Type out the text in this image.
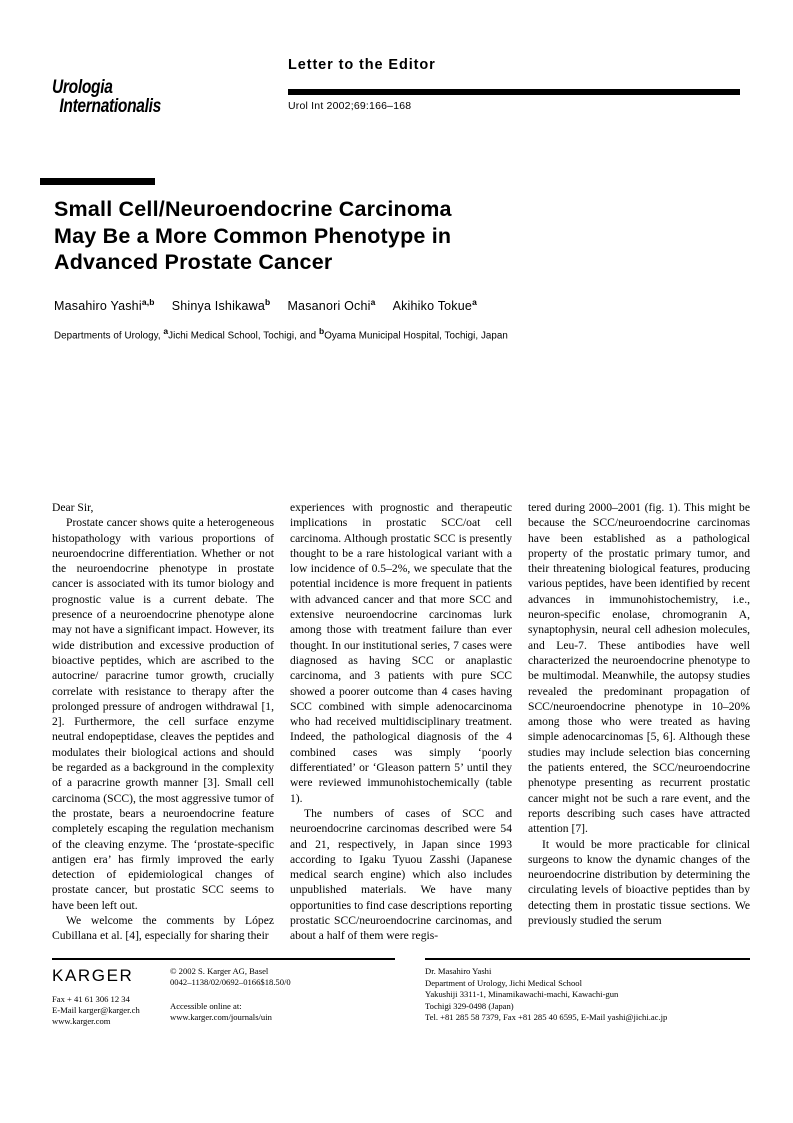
Urologia
Internationalis
Letter to the Editor
Urol Int 2002;69:166–168
Small Cell/Neuroendocrine Carcinoma
May Be a More Common Phenotype in
Advanced Prostate Cancer
Masahiro Yashi$^{a,b}$ Shinya Ishikawa$^b$ Masanori Ochi$^a$ Akihiko Tokue$^a$
Departments of Urology, $^a$Jichi Medical School, Tochigi, and $^b$Oyama Municipal Hospital, Tochigi, Japan

Dear Sir,

Prostate cancer shows quite a heterogeneous histopathology with various proportions of neuroendocrine differentiation. Whether or not the neuroendocrine phenotype in prostate cancer is associated with its tumor biology and prognostic value is a current debate. The presence of a neuroendocrine phenotype alone may not have a significant impact. However, its wide distribution and excessive production of bioactive peptides, which are ascribed to the autocrine/ paracrine tumor growth, crucially correlate with resistance to therapy after the prolonged pressure of androgen withdrawal [1, 2]. Furthermore, the cell surface enzyme neutral endopeptidase, cleaves the peptides and modulates their biological actions and should be regarded as a background in the complexity of a paracrine growth manner [3]. Small cell carcinoma (SCC), the most aggressive tumor of the prostate, bears a neuroendocrine feature completely escaping the regulation mechanism of the cleaving enzyme. The ‘prostate-specific antigen era’ has firmly improved the early detection of epidemiological changes of prostate cancer, but prostatic SCC seems to have been left out.

We welcome the comments by López Cubillana et al. [4], especially for sharing their

experiences with prognostic and therapeutic implications in prostatic SCC/oat cell carcinoma. Although prostatic SCC is presently thought to be a rare histological variant with a low incidence of 0.5–2%, we speculate that the potential incidence is more frequent in patients with advanced cancer and that more SCC and extensive neuroendocrine carcinomas lurk among those with treatment failure than ever thought. In our institutional series, 7 cases were diagnosed as having SCC or anaplastic carcinoma, and 3 patients with pure SCC showed a poorer outcome than 4 cases having SCC combined with simple adenocarcinoma who had received multidisciplinary treatment. Indeed, the pathological diagnosis of the 4 combined cases was simply ‘poorly differentiated’ or ‘Gleason pattern 5’ until they were reviewed immunohistochemically (table 1).

The numbers of cases of SCC and neuroendocrine carcinomas described were 54 and 21, respectively, in Japan since 1993 according to Igaku Tyuou Zasshi (Japanese medical search engine) which also includes unpublished materials. We have many opportunities to find case descriptions reporting prostatic SCC/neuroendocrine carcinomas, and about a half of them were regis-

tered during 2000–2001 (fig. 1). This might be because the SCC/neuroendocrine carcinomas have been established as a pathological property of the prostatic primary tumor, and their threatening biological features, producing various peptides, have been identified by recent advances in immunohistochemistry, i.e., neuron-specific enolase, chromogranin A, synaptophysin, neural cell adhesion molecules, and Leu-7. These antibodies have well characterized the neuroendocrine phenotype to be multimodal. Meanwhile, the autopsy studies revealed the predominant propagation of SCC/neuroendocrine phenotype in 10–20% among those who were treated as having simple adenocarcinomas [5, 6]. Although these studies may include selection bias concerning the patients entered, the SCC/neuroendocrine phenotype presenting as recurrent prostatic cancer might not be such a rare event, and the reports describing such cases have attracted attention [7].

It would be more practicable for clinical surgeons to know the dynamic changes of the neuroendocrine distribution by determining the circulating levels of bioactive peptides than by detecting them in prostatic tissue sections. We previously studied the serum

KARGER
Fax + 41 61 306 12 34
E-Mail karger@karger.ch
www.karger.com
© 2002 S. Karger AG, Basel
0042–1138/02/0692–0166$18.50/0
Accessible online at:
www.karger.com/journals/uin
Dr. Masahiro Yashi
Department of Urology, Jichi Medical School
Yakushiji 3311-1, Minamikawachi-machi, Kawachi-gun
Tochigi 329-0498 (Japan)
Tel. +81 285 58 7379, Fax +81 285 40 6595, E-Mail yashi@jichi.ac.jp
